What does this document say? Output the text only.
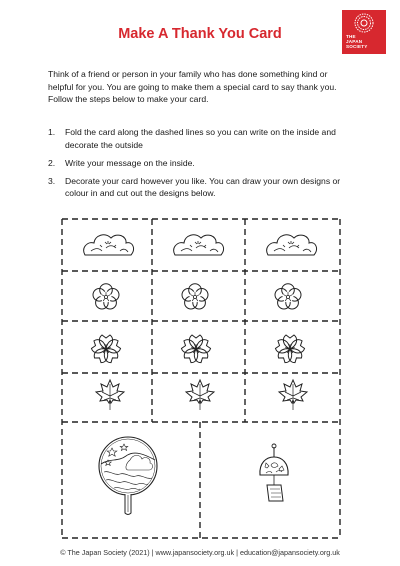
Make A Thank You Card	THE
JAPAN
SOCIETY
Think of a friend or person in your family who has done something kind or helpful for you. You are going to make them a special card to say thank you. Follow the steps below to make your card.
1. Fold the card along the dashed lines so you can write on the inside and decorate the outside
2. Write your message on the inside.
3. Decorate your card however you like. You can draw your own designs or colour in and cut out the designs below.
© The Japan Society (2021) | www.japansociety.org.uk | education@japansociety.org.uk
